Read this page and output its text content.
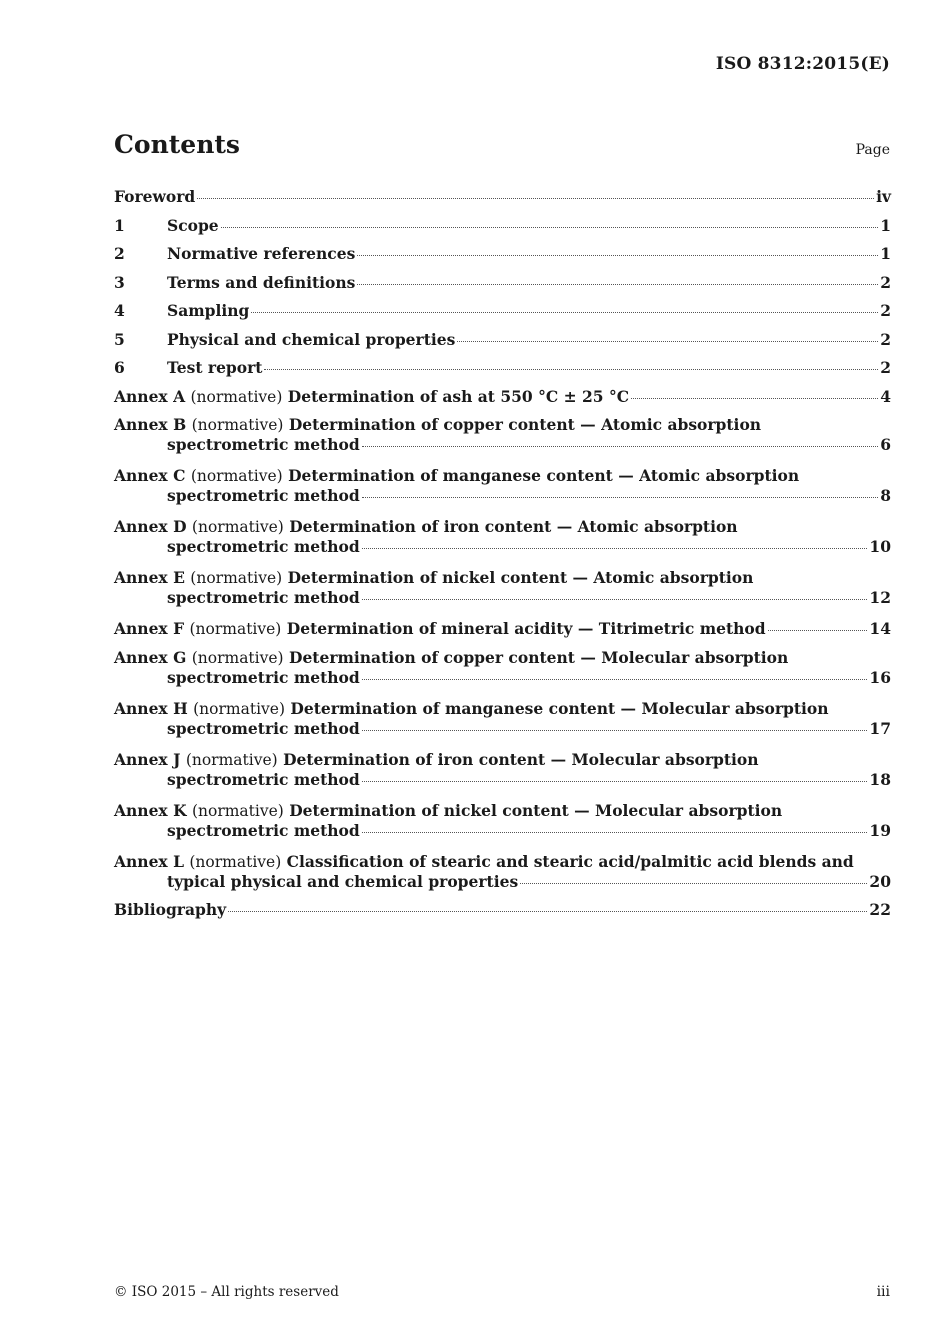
ISO 8312:2015(E)
Contents	Page
Foreword	iv
1	Scope	1
2	Normative references	1
3	Terms and definitions	2
4	Sampling	2
5	Physical and chemical properties	2
6	Test report	2
Annex A (normative) Determination of ash at 550 °C ± 25 °C	4
Annex B (normative) Determination of copper content — Atomic absorption
spectrometric method	6
Annex C (normative) Determination of manganese content — Atomic absorption
spectrometric method	8
Annex D (normative) Determination of iron content — Atomic absorption
spectrometric method	10
Annex E (normative) Determination of nickel content — Atomic absorption
spectrometric method	12
Annex F (normative) Determination of mineral acidity — Titrimetric method	14
Annex G (normative) Determination of copper content — Molecular absorption
spectrometric method	16
Annex H (normative) Determination of manganese content — Molecular absorption
spectrometric method	17
Annex J (normative) Determination of iron content — Molecular absorption
spectrometric method	18
Annex K (normative) Determination of nickel content — Molecular absorption
spectrometric method	19
Annex L (normative) Classification of stearic and stearic acid/palmitic acid blends and
typical physical and chemical properties	20
Bibliography	22
© ISO 2015 – All rights reserved	iii
